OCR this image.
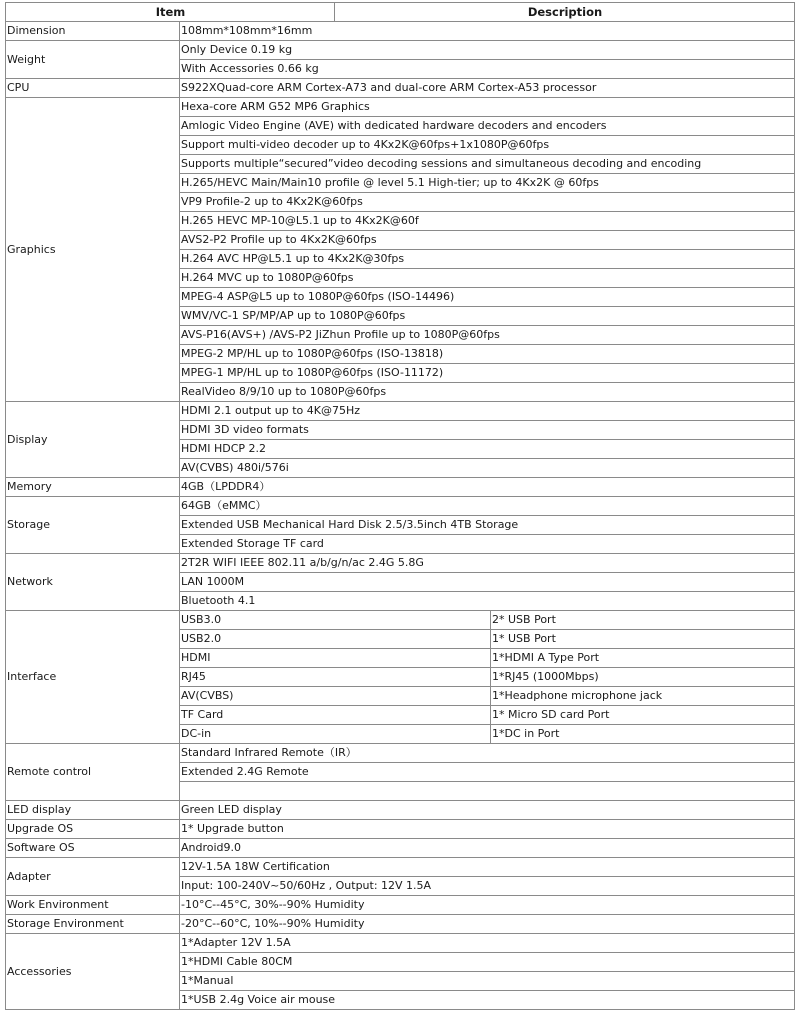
Item		Description	
Dimension	108mm*108mm*16mm		
Weight	Only Device 0.19 kg		
	With Accessories 0.66 kg		
CPU	S922XQuad-core ARM Cortex-A73 and dual-core ARM Cortex-A53 processor		
Graphics	Hexa-core ARM G52 MP6 Graphics		
	Amlogic Video Engine (AVE) with dedicated hardware decoders and encoders		
	Support multi-video decoder up to 4Kx2K@60fps+1x1080P@60fps		
	Supports multiple“secured”video decoding sessions and simultaneous decoding and encoding		
	H.265/HEVC Main/Main10 profile @ level 5.1 High-tier; up to 4Kx2K @ 60fps		
	VP9 Profile-2 up to 4Kx2K@60fps		
	H.265 HEVC MP-10@L5.1 up to 4Kx2K@60f		
	AVS2-P2 Profile up to 4Kx2K@60fps		
	H.264 AVC HP@L5.1 up to 4Kx2K@30fps		
	H.264 MVC up to 1080P@60fps		
	MPEG-4 ASP@L5 up to 1080P@60fps (ISO-14496)		
	WMV/VC-1 SP/MP/AP up to 1080P@60fps		
	AVS-P16(AVS+) /AVS-P2 JiZhun Profile up to 1080P@60fps		
	MPEG-2 MP/HL up to 1080P@60fps (ISO-13818)		
	MPEG-1 MP/HL up to 1080P@60fps (ISO-11172)		
	RealVideo 8/9/10 up to 1080P@60fps		
Display	HDMI 2.1 output up to 4K@75Hz		
	HDMI 3D video formats		
	HDMI HDCP 2.2		
	AV(CVBS) 480i/576i		
Memory	4GB（LPDDR4）		
Storage	64GB（eMMC）		
	Extended USB Mechanical Hard Disk 2.5/3.5inch 4TB Storage		
	Extended Storage TF card		
Network	2T2R WIFI IEEE 802.11 a/b/g/n/ac 2.4G 5.8G		
	LAN 1000M		
	Bluetooth 4.1		
Interface	USB3.0		2* USB Port
	USB2.0		1* USB Port
	HDMI		1*HDMI A Type Port
	RJ45		1*RJ45 (1000Mbps)
	AV(CVBS)		1*Headphone microphone jack
	TF Card		1* Micro SD card Port
	DC-in		1*DC in Port
Remote control	Standard Infrared Remote（IR）		
	Extended 2.4G Remote		

LED display	Green LED display		
Upgrade OS	1* Upgrade button		
Software OS	Android9.0		
Adapter	12V-1.5A 18W Certification		
	Input: 100-240V~50/60Hz , Output: 12V 1.5A		
Work Environment	-10°C--45°C, 30%--90% Humidity		
Storage Environment	-20°C--60°C, 10%--90% Humidity		
Accessories	1*Adapter 12V 1.5A		
	1*HDMI Cable 80CM		
	1*Manual		
	1*USB 2.4g Voice air mouse		
